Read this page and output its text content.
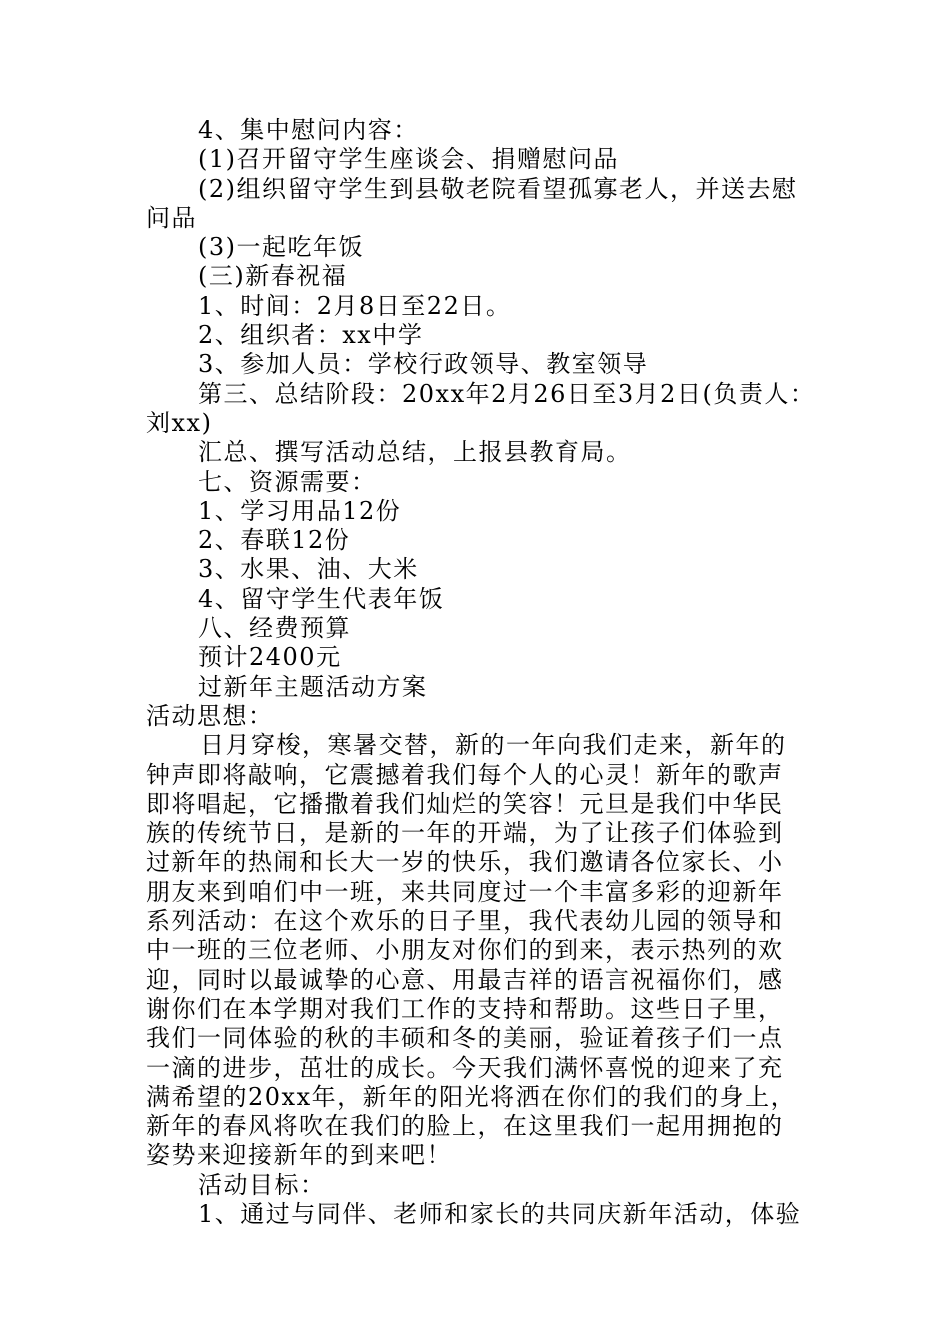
4、集中慰问内容：
(1)召开留守学生座谈会、捐赠慰问品
(2)组织留守学生到县敬老院看望孤寡老人，并送去慰
问品
(3)一起吃年饭
(三)新春祝福
1、时间：2月8日至22日。
2、组织者：xx中学
3、参加人员：学校行政领导、教室领导
第三、总结阶段：20xx年2月26日至3月2日(负责人：
刘xx)
汇总、撰写活动总结，上报县教育局。
七、资源需要：
1、学习用品12份
2、春联12份
3、水果、油、大米
4、留守学生代表年饭
八、经费预算
预计2400元
过新年主题活动方案
活动思想：
日月穿梭，寒暑交替，新的一年向我们走来，新年的
钟声即将敲响，它震撼着我们每个人的心灵！新年的歌声
即将唱起，它播撒着我们灿烂的笑容！元旦是我们中华民
族的传统节日，是新的一年的开端，为了让孩子们体验到
过新年的热闹和长大一岁的快乐，我们邀请各位家长、小
朋友来到咱们中一班，来共同度过一个丰富多彩的迎新年
系列活动：在这个欢乐的日子里，我代表幼儿园的领导和
中一班的三位老师、小朋友对你们的到来，表示热列的欢
迎，同时以最诚挚的心意、用最吉祥的语言祝福你们，感
谢你们在本学期对我们工作的支持和帮助。这些日子里，
我们一同体验的秋的丰硕和冬的美丽，验证着孩子们一点
一滴的进步，茁壮的成长。今天我们满怀喜悦的迎来了充
满希望的20xx年，新年的阳光将洒在你们的我们的身上，
新年的春风将吹在我们的脸上，在这里我们一起用拥抱的
姿势来迎接新年的到来吧！
活动目标：
1、通过与同伴、老师和家长的共同庆新年活动，体验
